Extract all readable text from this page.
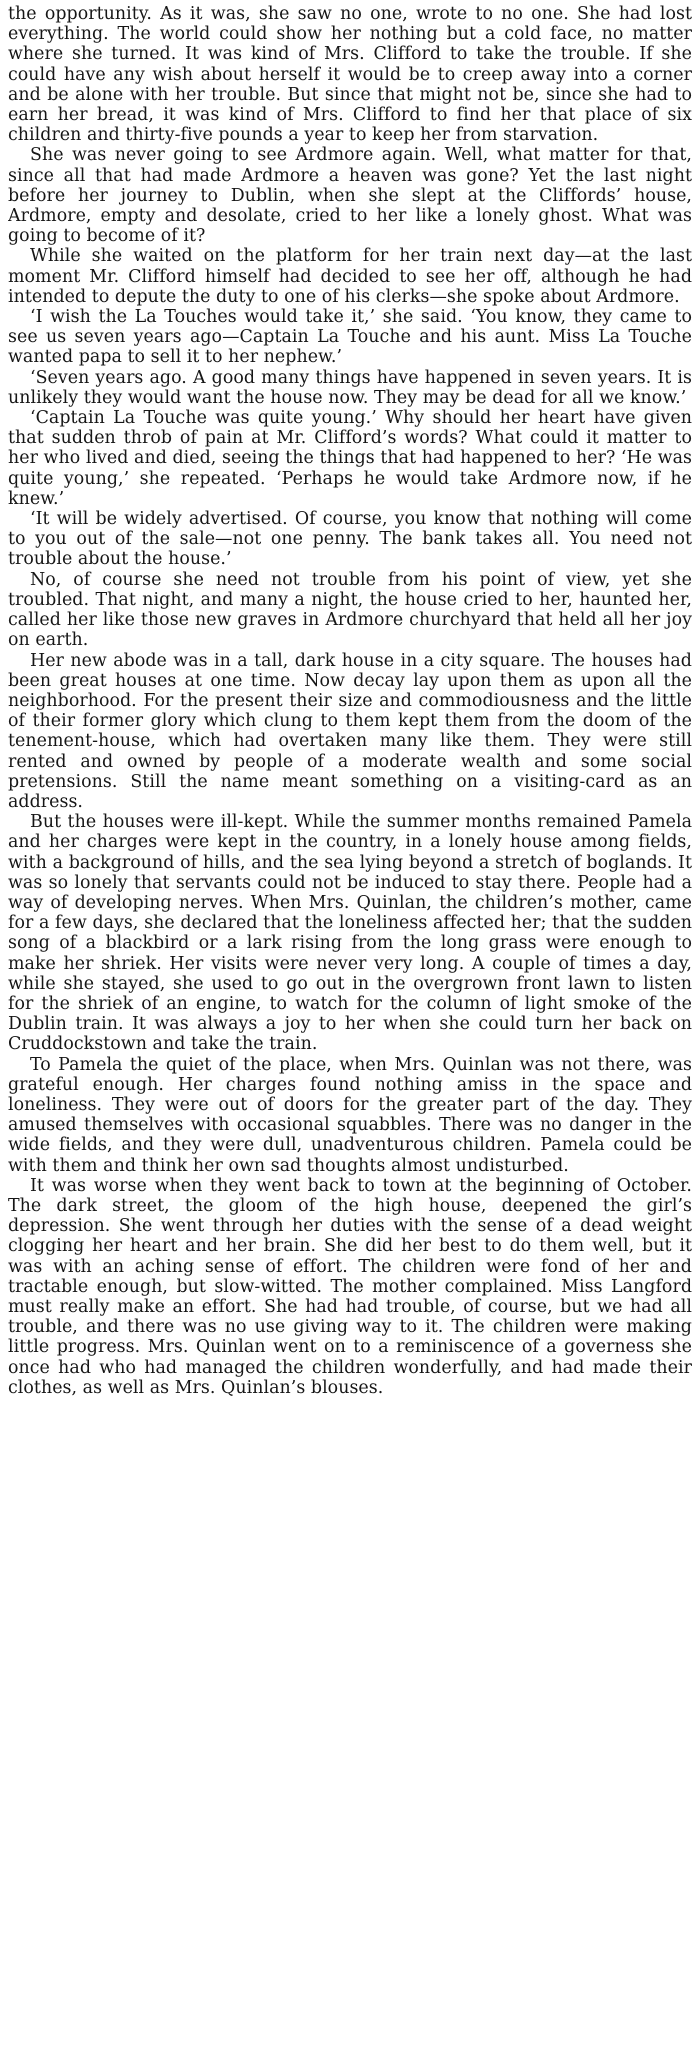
the opportunity. As it was, she saw no one, wrote to no one. She had lost everything. The world could show her nothing but a cold face, no matter where she turned. It was kind of Mrs. Clifford to take the trouble. If she could have any wish about herself it would be to creep away into a corner and be alone with her trouble. But since that might not be, since she had to earn her bread, it was kind of Mrs. Clifford to find her that place of six children and thirty-five pounds a year to keep her from starvation.

She was never going to see Ardmore again. Well, what matter for that, since all that had made Ardmore a heaven was gone? Yet the last night before her journey to Dublin, when she slept at the Cliffords’ house, Ardmore, empty and desolate, cried to her like a lonely ghost. What was going to become of it?

While she waited on the platform for her train next day—at the last moment Mr. Clifford himself had decided to see her off, although he had intended to depute the duty to one of his clerks—she spoke about Ardmore.

‘I wish the La Touches would take it,’ she said. ‘You know, they came to see us seven years ago—Captain La Touche and his aunt. Miss La Touche wanted papa to sell it to her nephew.’

‘Seven years ago. A good many things have happened in seven years. It is unlikely they would want the house now. They may be dead for all we know.’

‘Captain La Touche was quite young.’ Why should her heart have given that sudden throb of pain at Mr. Clifford’s words? What could it matter to her who lived and died, seeing the things that had happened to her? ‘He was quite young,’ she repeated. ‘Perhaps he would take Ardmore now, if he knew.’

‘It will be widely advertised. Of course, you know that nothing will come to you out of the sale—not one penny. The bank takes all. You need not trouble about the house.’

No, of course she need not trouble from his point of view, yet she troubled. That night, and many a night, the house cried to her, haunted her, called her like those new graves in Ardmore churchyard that held all her joy on earth.

Her new abode was in a tall, dark house in a city square. The houses had been great houses at one time. Now decay lay upon them as upon all the neighborhood. For the present their size and commodiousness and the little of their former glory which clung to them kept them from the doom of the tenement-house, which had overtaken many like them. They were still rented and owned by people of a moderate wealth and some social pretensions. Still the name meant something on a visiting-card as an address.

But the houses were ill-kept. While the summer months remained Pamela and her charges were kept in the country, in a lonely house among fields, with a background of hills, and the sea lying beyond a stretch of boglands. It was so lonely that servants could not be induced to stay there. People had a way of developing nerves. When Mrs. Quinlan, the children’s mother, came for a few days, she declared that the loneliness affected her; that the sudden song of a blackbird or a lark rising from the long grass were enough to make her shriek. Her visits were never very long. A couple of times a day, while she stayed, she used to go out in the overgrown front lawn to listen for the shriek of an engine, to watch for the column of light smoke of the Dublin train. It was always a joy to her when she could turn her back on Cruddockstown and take the train.

To Pamela the quiet of the place, when Mrs. Quinlan was not there, was grateful enough. Her charges found nothing amiss in the space and loneliness. They were out of doors for the greater part of the day. They amused themselves with occasional squabbles. There was no danger in the wide fields, and they were dull, unadventurous children. Pamela could be with them and think her own sad thoughts almost undisturbed.

It was worse when they went back to town at the beginning of October. The dark street, the gloom of the high house, deepened the girl’s depression. She went through her duties with the sense of a dead weight clogging her heart and her brain. She did her best to do them well, but it was with an aching sense of effort. The children were fond of her and tractable enough, but slow-witted. The mother complained. Miss Langford must really make an effort. She had had trouble, of course, but we had all trouble, and there was no use giving way to it. The children were making little progress. Mrs. Quinlan went on to a reminiscence of a governess she once had who had managed the children wonderfully, and had made their clothes, as well as Mrs. Quinlan’s blouses.
